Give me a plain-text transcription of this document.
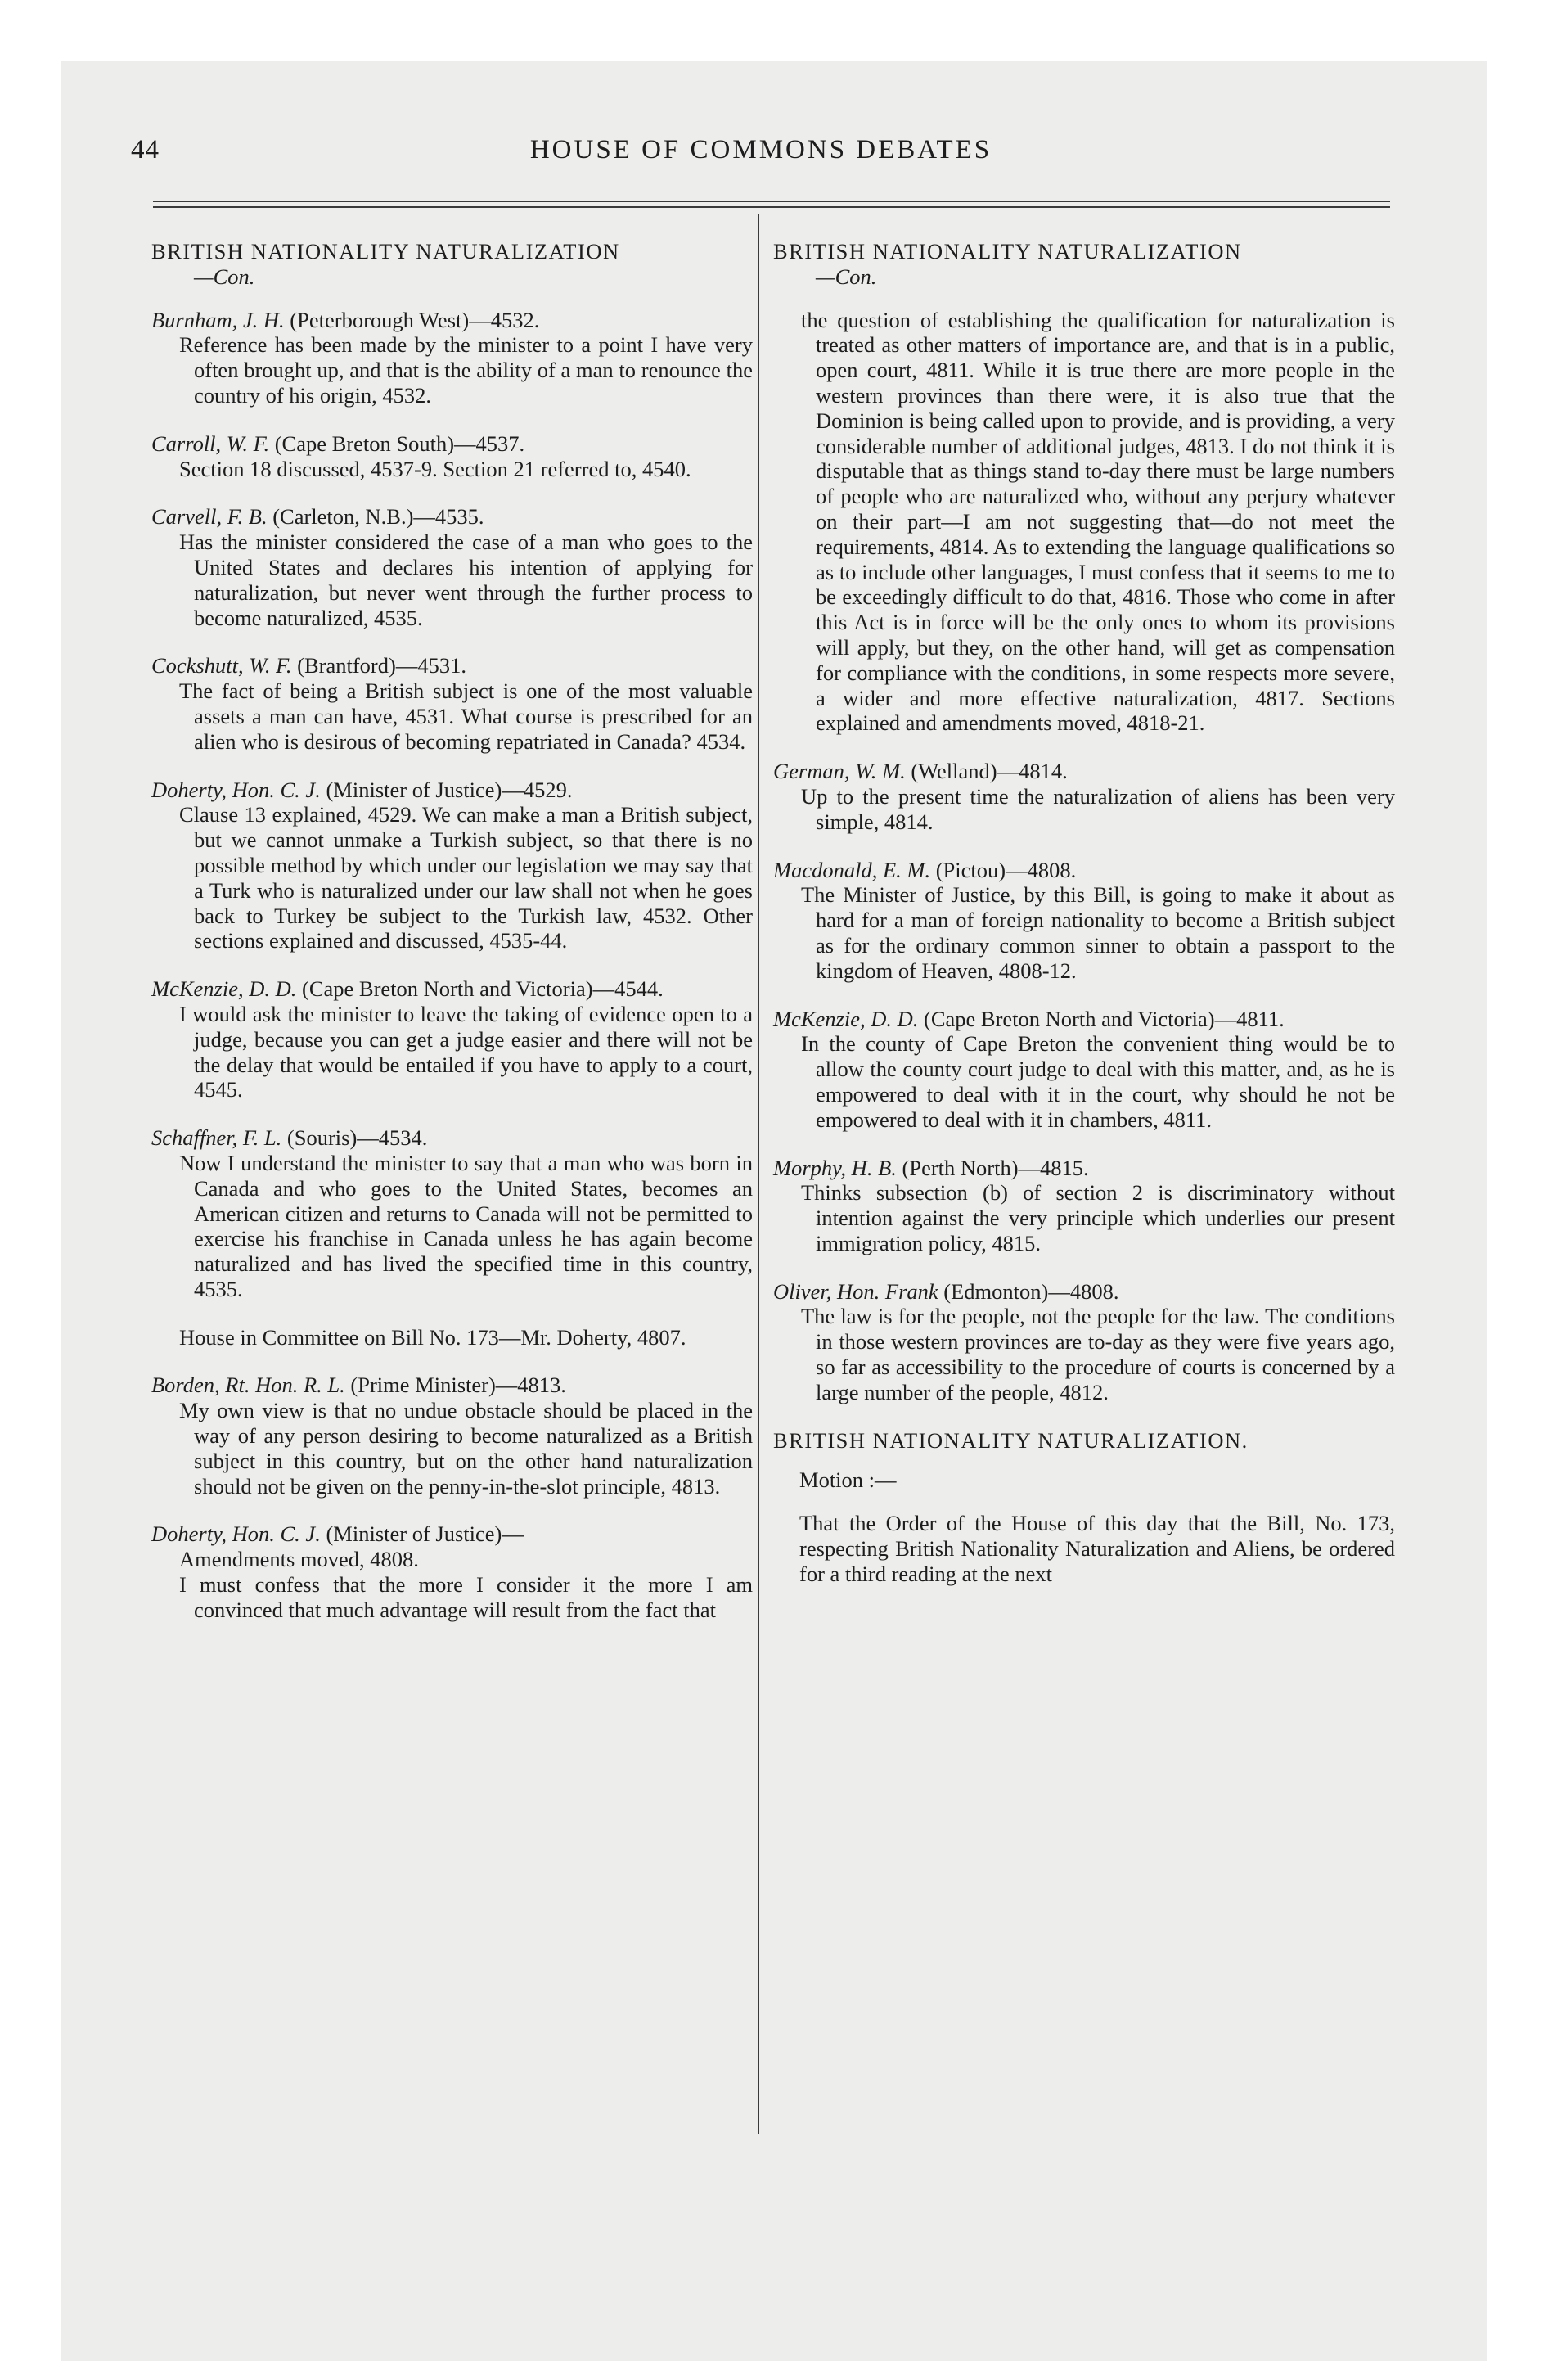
44	HOUSE OF COMMONS DEBATES

BRITISH NATIONALITY NATURALIZATION

—Con.

Burnham, J. H. (Peterborough West)—4532.

Reference has been made by the minister to a point I have very often brought up, and that is the ability of a man to renounce the country of his origin, 4532.

Carroll, W. F. (Cape Breton South)—4537.

Section 18 discussed, 4537-9. Section 21 referred to, 4540.

Carvell, F. B. (Carleton, N.B.)—4535.

Has the minister considered the case of a man who goes to the United States and declares his intention of applying for naturalization, but never went through the further process to become naturalized, 4535.

Cockshutt, W. F. (Brantford)—4531.

The fact of being a British subject is one of the most valuable assets a man can have, 4531. What course is prescribed for an alien who is desirous of becoming repatriated in Canada? 4534.

Doherty, Hon. C. J. (Minister of Justice)—4529.

Clause 13 explained, 4529. We can make a man a British subject, but we cannot unmake a Turkish subject, so that there is no possible method by which under our legislation we may say that a Turk who is naturalized under our law shall not when he goes back to Turkey be subject to the Turkish law, 4532. Other sections explained and discussed, 4535-44.

McKenzie, D. D. (Cape Breton North and Victoria)—4544.

I would ask the minister to leave the taking of evidence open to a judge, because you can get a judge easier and there will not be the delay that would be entailed if you have to apply to a court, 4545.

Schaffner, F. L. (Souris)—4534.

Now I understand the minister to say that a man who was born in Canada and who goes to the United States, becomes an American citizen and returns to Canada will not be permitted to exercise his franchise in Canada unless he has again become naturalized and has lived the specified time in this country, 4535.

House in Committee on Bill No. 173—Mr. Doherty, 4807.

Borden, Rt. Hon. R. L. (Prime Minister)—4813.

My own view is that no undue obstacle should be placed in the way of any person desiring to become naturalized as a British subject in this country, but on the other hand naturalization should not be given on the penny-in-the-slot principle, 4813.

Doherty, Hon. C. J. (Minister of Justice)—

Amendments moved, 4808.

I must confess that the more I consider it the more I am convinced that much advantage will result from the fact that

BRITISH NATIONALITY NATURALIZATION

—Con.

the question of establishing the qualification for naturalization is treated as other matters of importance are, and that is in a public, open court, 4811. While it is true there are more people in the western provinces than there were, it is also true that the Dominion is being called upon to provide, and is providing, a very considerable number of additional judges, 4813. I do not think it is disputable that as things stand to-day there must be large numbers of people who are naturalized who, without any perjury whatever on their part—I am not suggesting that—do not meet the requirements, 4814. As to extending the language qualifications so as to include other languages, I must confess that it seems to me to be exceedingly difficult to do that, 4816. Those who come in after this Act is in force will be the only ones to whom its provisions will apply, but they, on the other hand, will get as compensation for compliance with the conditions, in some respects more severe, a wider and more effective naturalization, 4817. Sections explained and amendments moved, 4818-21.

German, W. M. (Welland)—4814.

Up to the present time the naturalization of aliens has been very simple, 4814.

Macdonald, E. M. (Pictou)—4808.

The Minister of Justice, by this Bill, is going to make it about as hard for a man of foreign nationality to become a British subject as for the ordinary common sinner to obtain a passport to the kingdom of Heaven, 4808-12.

McKenzie, D. D. (Cape Breton North and Victoria)—4811.

In the county of Cape Breton the convenient thing would be to allow the county court judge to deal with this matter, and, as he is empowered to deal with it in the court, why should he not be empowered to deal with it in chambers, 4811.

Morphy, H. B. (Perth North)—4815.

Thinks subsection (b) of section 2 is discriminatory without intention against the very principle which underlies our present immigration policy, 4815.

Oliver, Hon. Frank (Edmonton)—4808.

The law is for the people, not the people for the law. The conditions in those western provinces are to-day as they were five years ago, so far as accessibility to the procedure of courts is concerned by a large number of the people, 4812.

BRITISH NATIONALITY NATURALIZATION.

Motion :—

That the Order of the House of this day that the Bill, No. 173, respecting British Nationality Naturalization and Aliens, be ordered for a third reading at the next
